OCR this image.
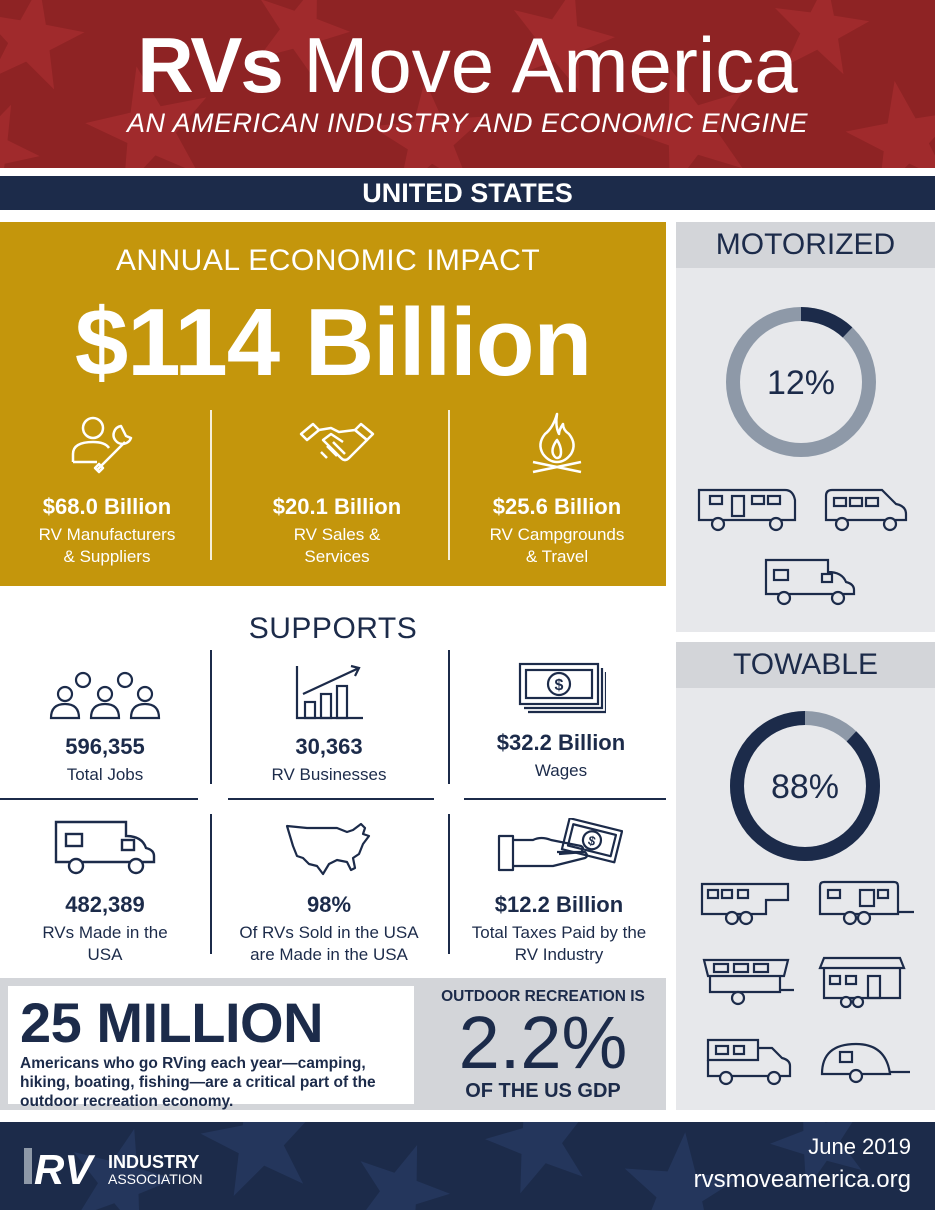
RVs Move America
AN AMERICAN INDUSTRY AND ECONOMIC ENGINE
UNITED STATES
ANNUAL ECONOMIC IMPACT
$114 Billion
$68.0 Billion
RV Manufacturers
& Suppliers
$20.1 Billion
RV Sales &
Services
$25.6 Billion
RV Campgrounds
& Travel
MOTORIZED
12%
TOWABLE
88%
SUPPORTS
596,355
Total Jobs
30,363
RV Businesses
$
$32.2 Billion
Wages
482,389
RVs Made in the
USA
98%
Of RVs Sold in the USA
are Made in the USA
$
$12.2 Billion
Total Taxes Paid by the
RV Industry
25 MILLION
Americans who go RVing each year—camping, hiking, boating, fishing—are a critical part of the outdoor recreation economy.
OUTDOOR RECREATION IS
2.2%
OF THE US GDP
RV INDUSTRY
ASSOCIATION
June 2019
rvsmoveamerica.org
